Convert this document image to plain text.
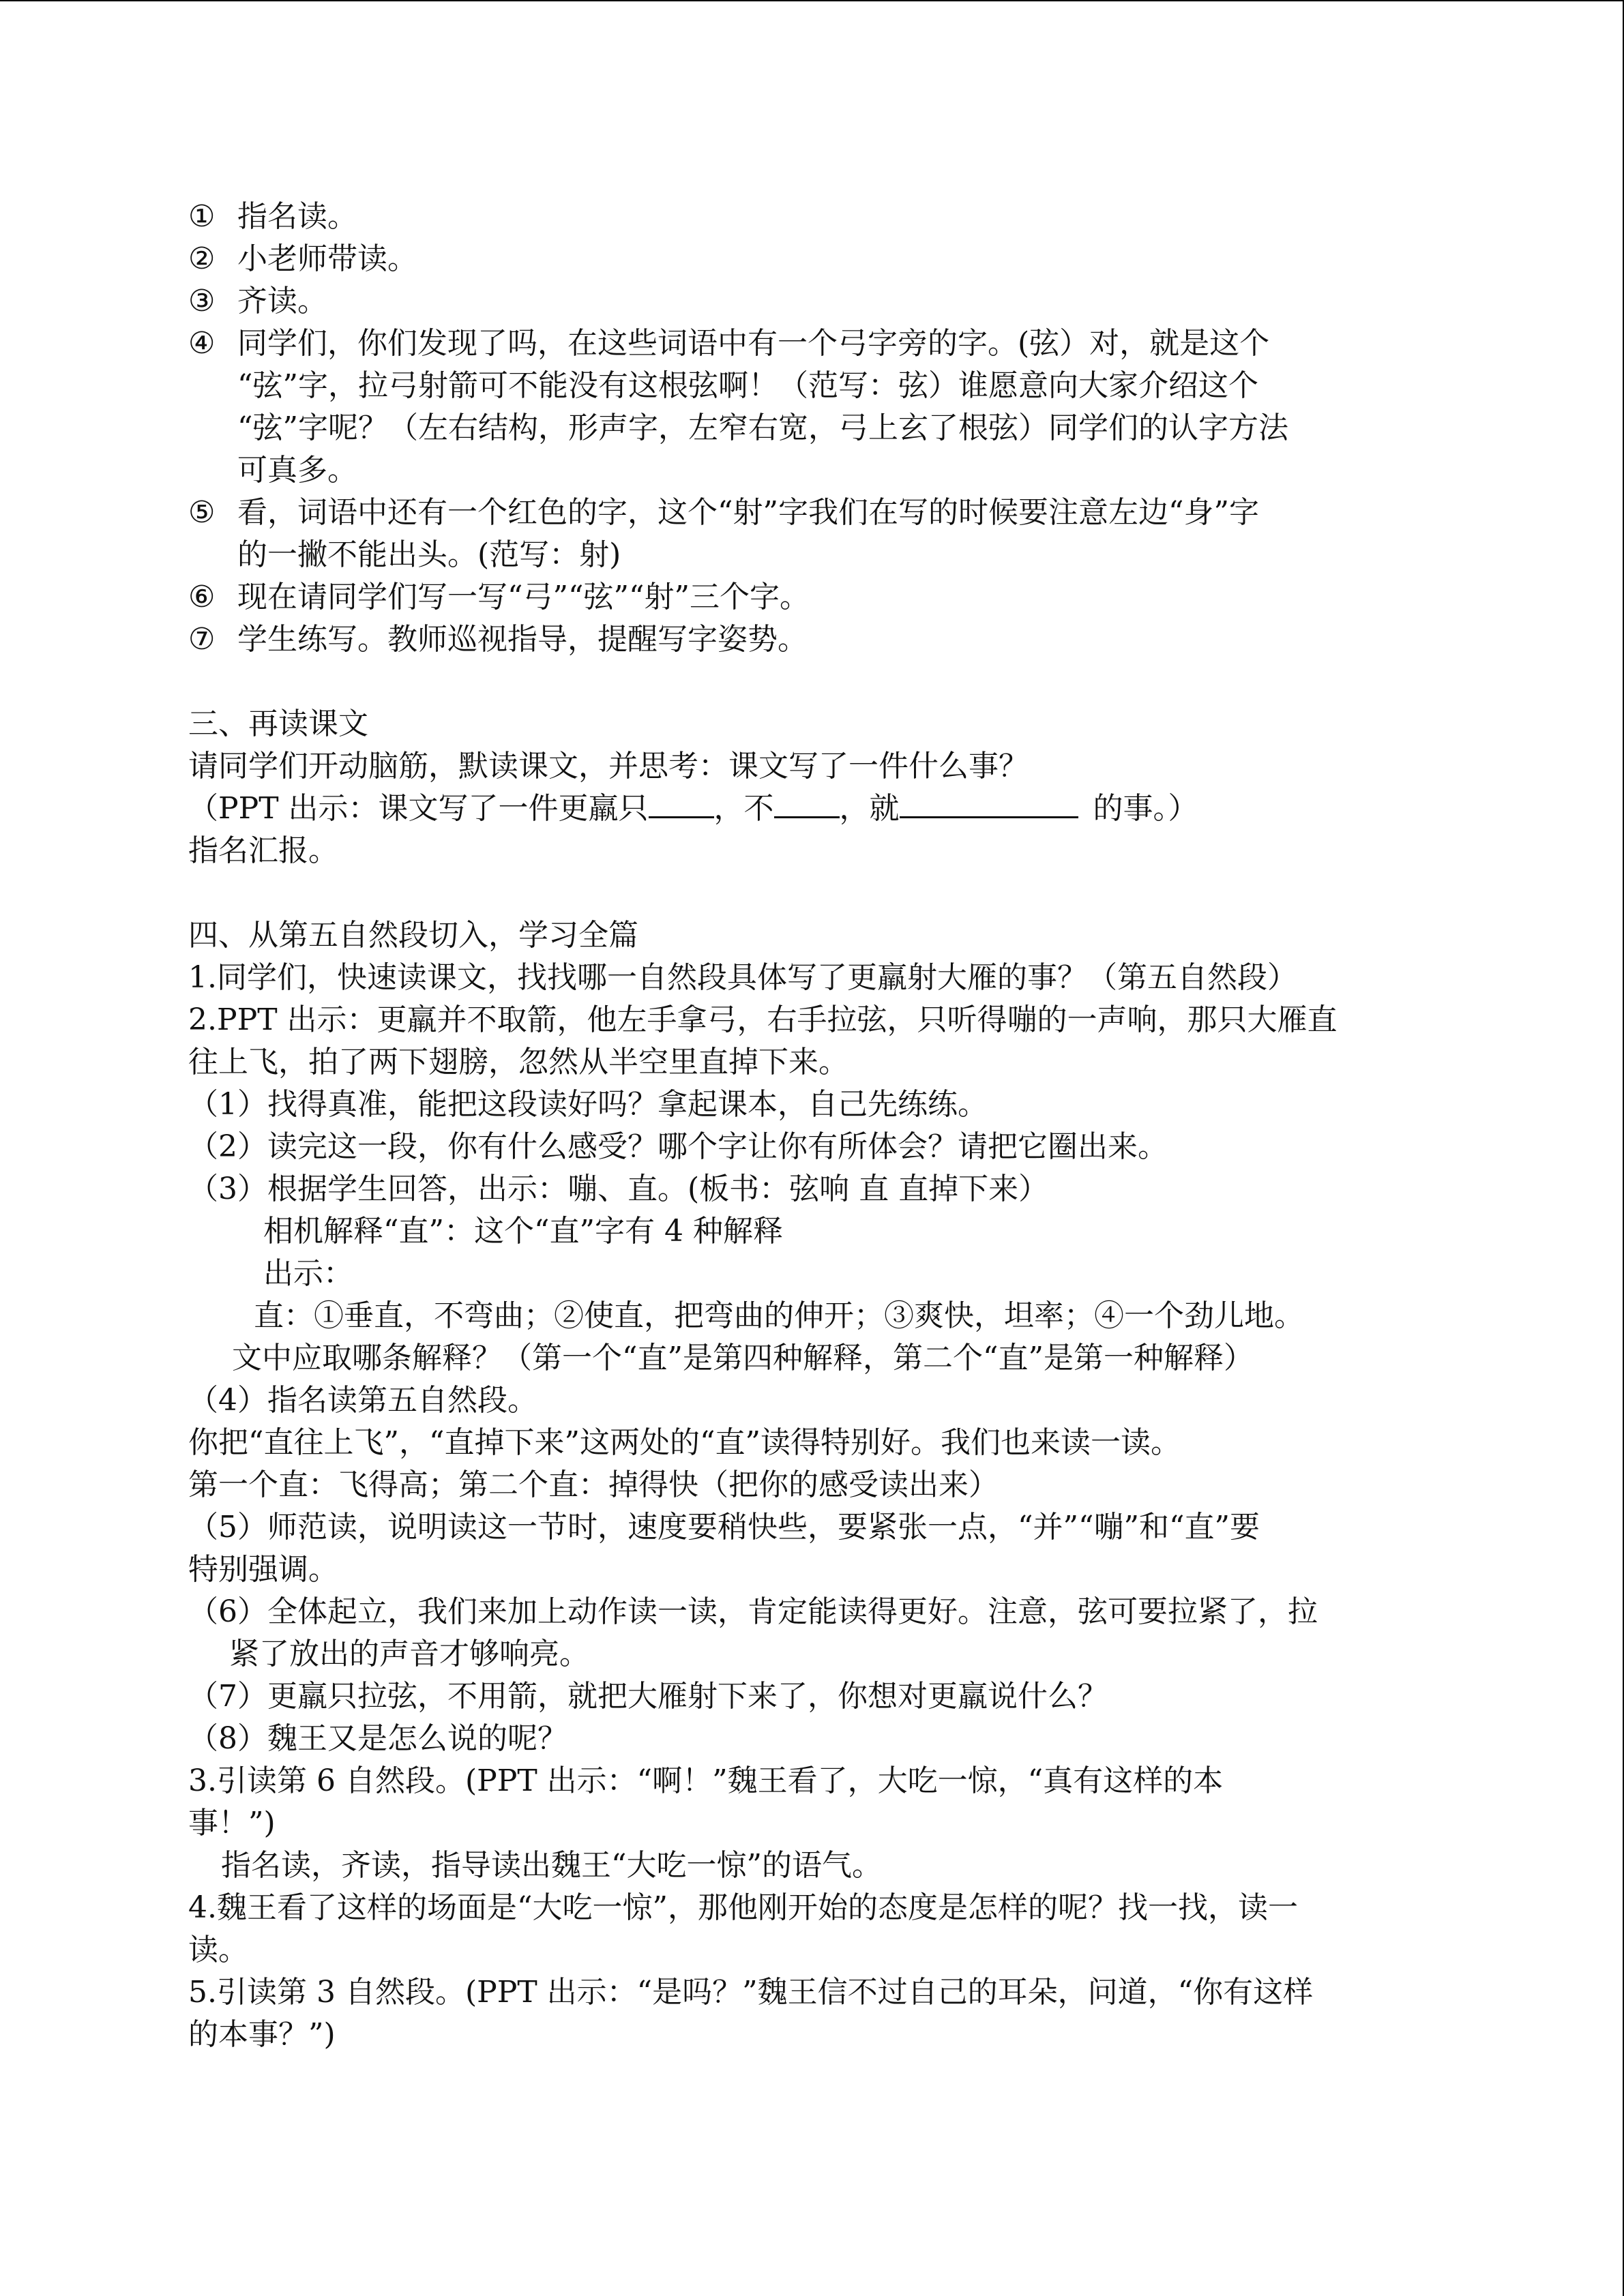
① 指名读。
② 小老师带读。
③ 齐读。
④ 同学们，你们发现了吗，在这些词语中有一个弓字旁的字。(弦）对，就是这个
“弦”字，拉弓射箭可不能没有这根弦啊！（范写：弦）谁愿意向大家介绍这个
“弦”字呢？（左右结构，形声字，左窄右宽，弓上玄了根弦）同学们的认字方法
可真多。
⑤ 看，词语中还有一个红色的字，这个“射”字我们在写的时候要注意左边“身”字
的一撇不能出头。(范写：射)
⑥ 现在请同学们写一写“弓”“弦”“射”三个字。
⑦ 学生练写。教师巡视指导，提醒写字姿势。
三、再读课文
请同学们开动脑筋，默读课文，并思考：课文写了一件什么事？
（PPT 出示：课文写了一件更羸只 ，不 ，就	的事。）
指名汇报。
四、从第五自然段切入，学习全篇
1.同学们，快速读课文，找找哪一自然段具体写了更羸射大雁的事？（第五自然段）
2.PPT 出示：更羸并不取箭，他左手拿弓，右手拉弦，只听得嘣的一声响，那只大雁直
往上飞，拍了两下翅膀，忽然从半空里直掉下来。
（1）找得真准，能把这段读好吗？拿起课本，自己先练练。
（2）读完这一段，你有什么感受？哪个字让你有所体会？请把它圈出来。
（3）根据学生回答，出示：嘣、直。(板书：弦响 直 直掉下来）
相机解释“直”：这个“直”字有 4 种解释
出示：
直：①垂直，不弯曲；②使直，把弯曲的伸开；③爽快，坦率；④一个劲儿地。
文中应取哪条解释？（第一个“直”是第四种解释，第二个“直”是第一种解释）
（4）指名读第五自然段。
你把“直往上飞”，“直掉下来”这两处的“直”读得特别好。我们也来读一读。
第一个直：飞得高；第二个直：掉得快（把你的感受读出来）
（5）师范读，说明读这一节时，速度要稍快些，要紧张一点，“并”“嘣”和“直”要
特别强调。
（6）全体起立，我们来加上动作读一读，肯定能读得更好。注意，弦可要拉紧了，拉
紧了放出的声音才够响亮。
（7）更羸只拉弦，不用箭，就把大雁射下来了，你想对更羸说什么？
（8）魏王又是怎么说的呢？
3.引读第 6 自然段。(PPT 出示：“啊！”魏王看了，大吃一惊，“真有这样的本
事！”)
指名读，齐读，指导读出魏王“大吃一惊”的语气。
4.魏王看了这样的场面是“大吃一惊”，那他刚开始的态度是怎样的呢？找一找，读一
读。
5.引读第 3 自然段。(PPT 出示：“是吗？”魏王信不过自己的耳朵，问道，“你有这样
的本事？”)
